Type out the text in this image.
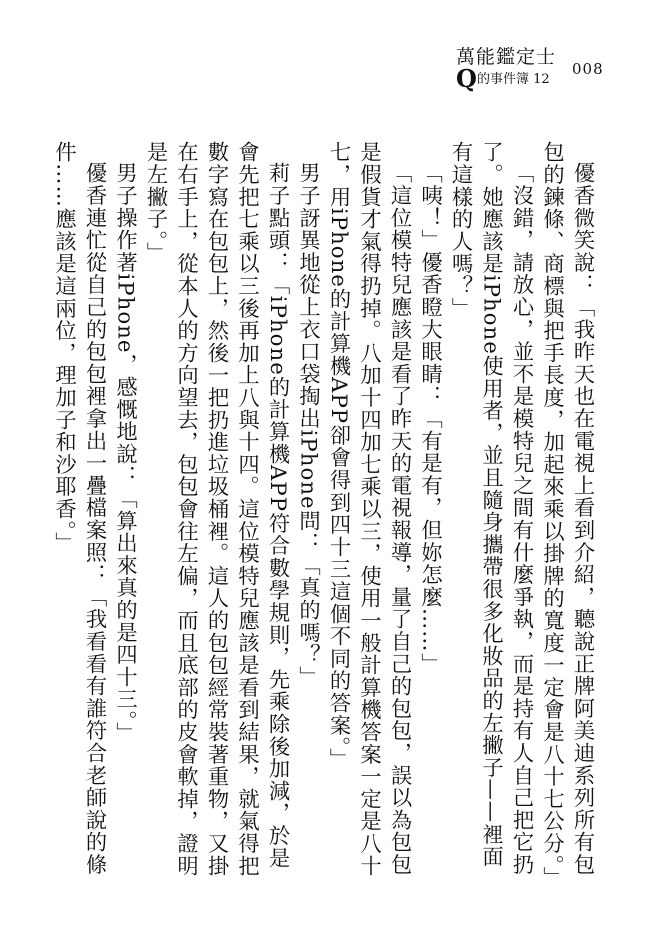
萬能鑑定士
Q 的事件簿 12
008

優香微笑說：「我昨天也在電視上看到介紹，聽說正牌阿美迪系列所有包包的鍊條、商標與把手長度，加起來乘以掛牌的寬度一定會是八十七公分。」

「沒錯，請放心，並不是模特兒之間有什麼爭執，而是持有人自己把它扔了。她應該是iPhone使用者，並且隨身攜帶很多化妝品的左撇子——裡面有這樣的人嗎？」

「咦！」優香瞪大眼睛：「有是有，但妳怎麼……」

「這位模特兒應該是看了昨天的電視報導，量了自己的包包，誤以為包包是假貨才氣得扔掉。八加十四加七乘以三，使用一般計算機答案一定是八十七，用iPhone的計算機APP卻會得到四十三這個不同的答案。」

男子訝異地從上衣口袋掏出iPhone問：「真的嗎？」

莉子點頭：「iPhone的計算機APP符合數學規則，先乘除後加減，於是會先把七乘以三後再加上八與十四。這位模特兒應該是看到結果，就氣得把數字寫在包包上，然後一把扔進垃圾桶裡。這人的包包經常裝著重物，又掛在右手上，從本人的方向望去，包包會往左偏，而且底部的皮會軟掉，證明是左撇子。」

男子操作著iPhone，感慨地說：「算出來真的是四十三。」

優香連忙從自己的包包裡拿出一疊檔案照：「我看看有誰符合老師說的條件……應該是這兩位，理加子和沙耶香。」
